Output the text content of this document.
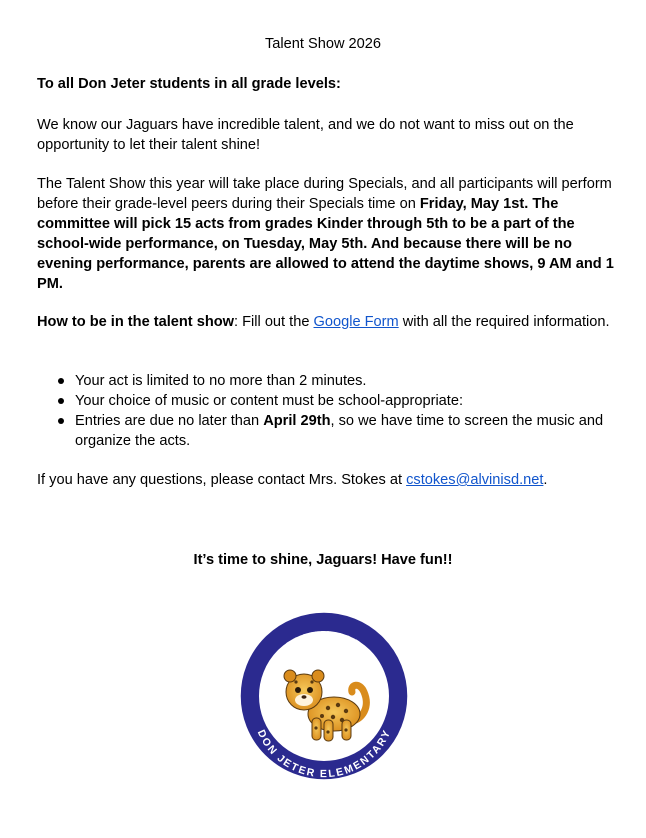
Talent Show 2026

To all Don Jeter students in all grade levels:

We know our Jaguars have incredible talent, and we do not want to miss out on the opportunity to let their talent shine!

The Talent Show this year will take place during Specials, and all participants will perform before their grade-level peers during their Specials time on Friday, May 1st. The committee will pick 15 acts from grades Kinder through 5th to be a part of the school-wide performance, on Tuesday, May 5th. And because there will be no evening performance, parents are allowed to attend the daytime shows, 9 AM and 1 PM.

How to be in the talent show: Fill out the Google Form with all the required information.

Your act is limited to no more than 2 minutes.
Your choice of music or content must be school-appropriate:
Entries are due no later than April 29th, so we have time to screen the music and organize the acts.

If you have any questions, please contact Mrs. Stokes at cstokes@alvinisd.net.

It’s time to shine, Jaguars! Have fun!!
ALVIN ISD
DON JETER ELEMENTARY
